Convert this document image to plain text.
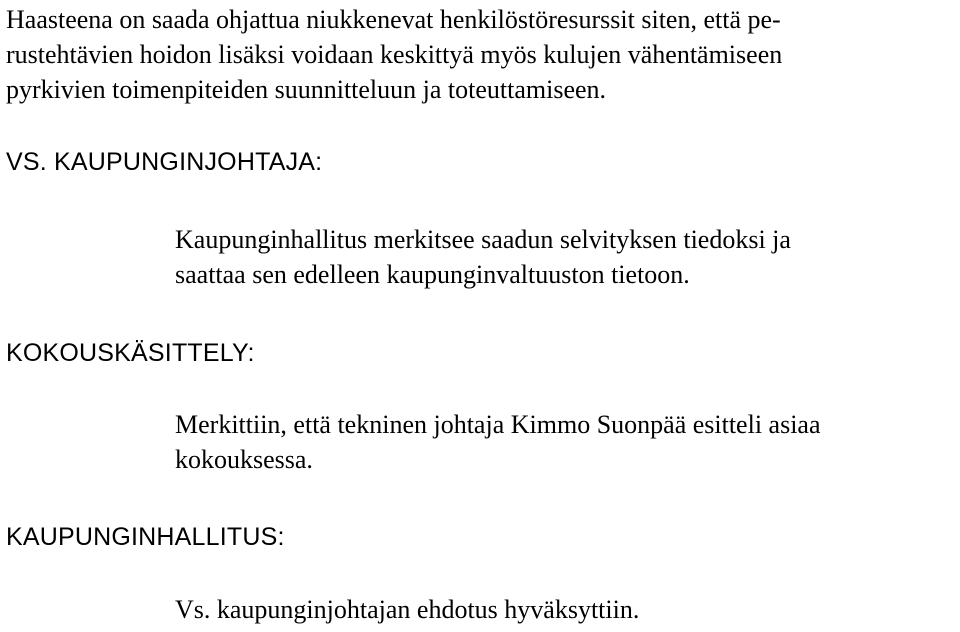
Haasteena on saada ohjattua niukkenevat henkilöstöresurssit siten, että pe-
rustehtävien hoidon lisäksi voidaan keskittyä myös kulujen vähentämiseen
pyrkivien toimenpiteiden suunnitteluun ja toteuttamiseen.

VS. KAUPUNGINJOHTAJA:

Kaupunginhallitus merkitsee saadun selvityksen tiedoksi ja
saattaa sen edelleen kaupunginvaltuuston tietoon.

KOKOUSKÄSITTELY:

Merkittiin, että tekninen johtaja Kimmo Suonpää esitteli asiaa
kokouksessa.

KAUPUNGINHALLITUS:

Vs. kaupunginjohtajan ehdotus hyväksyttiin.
